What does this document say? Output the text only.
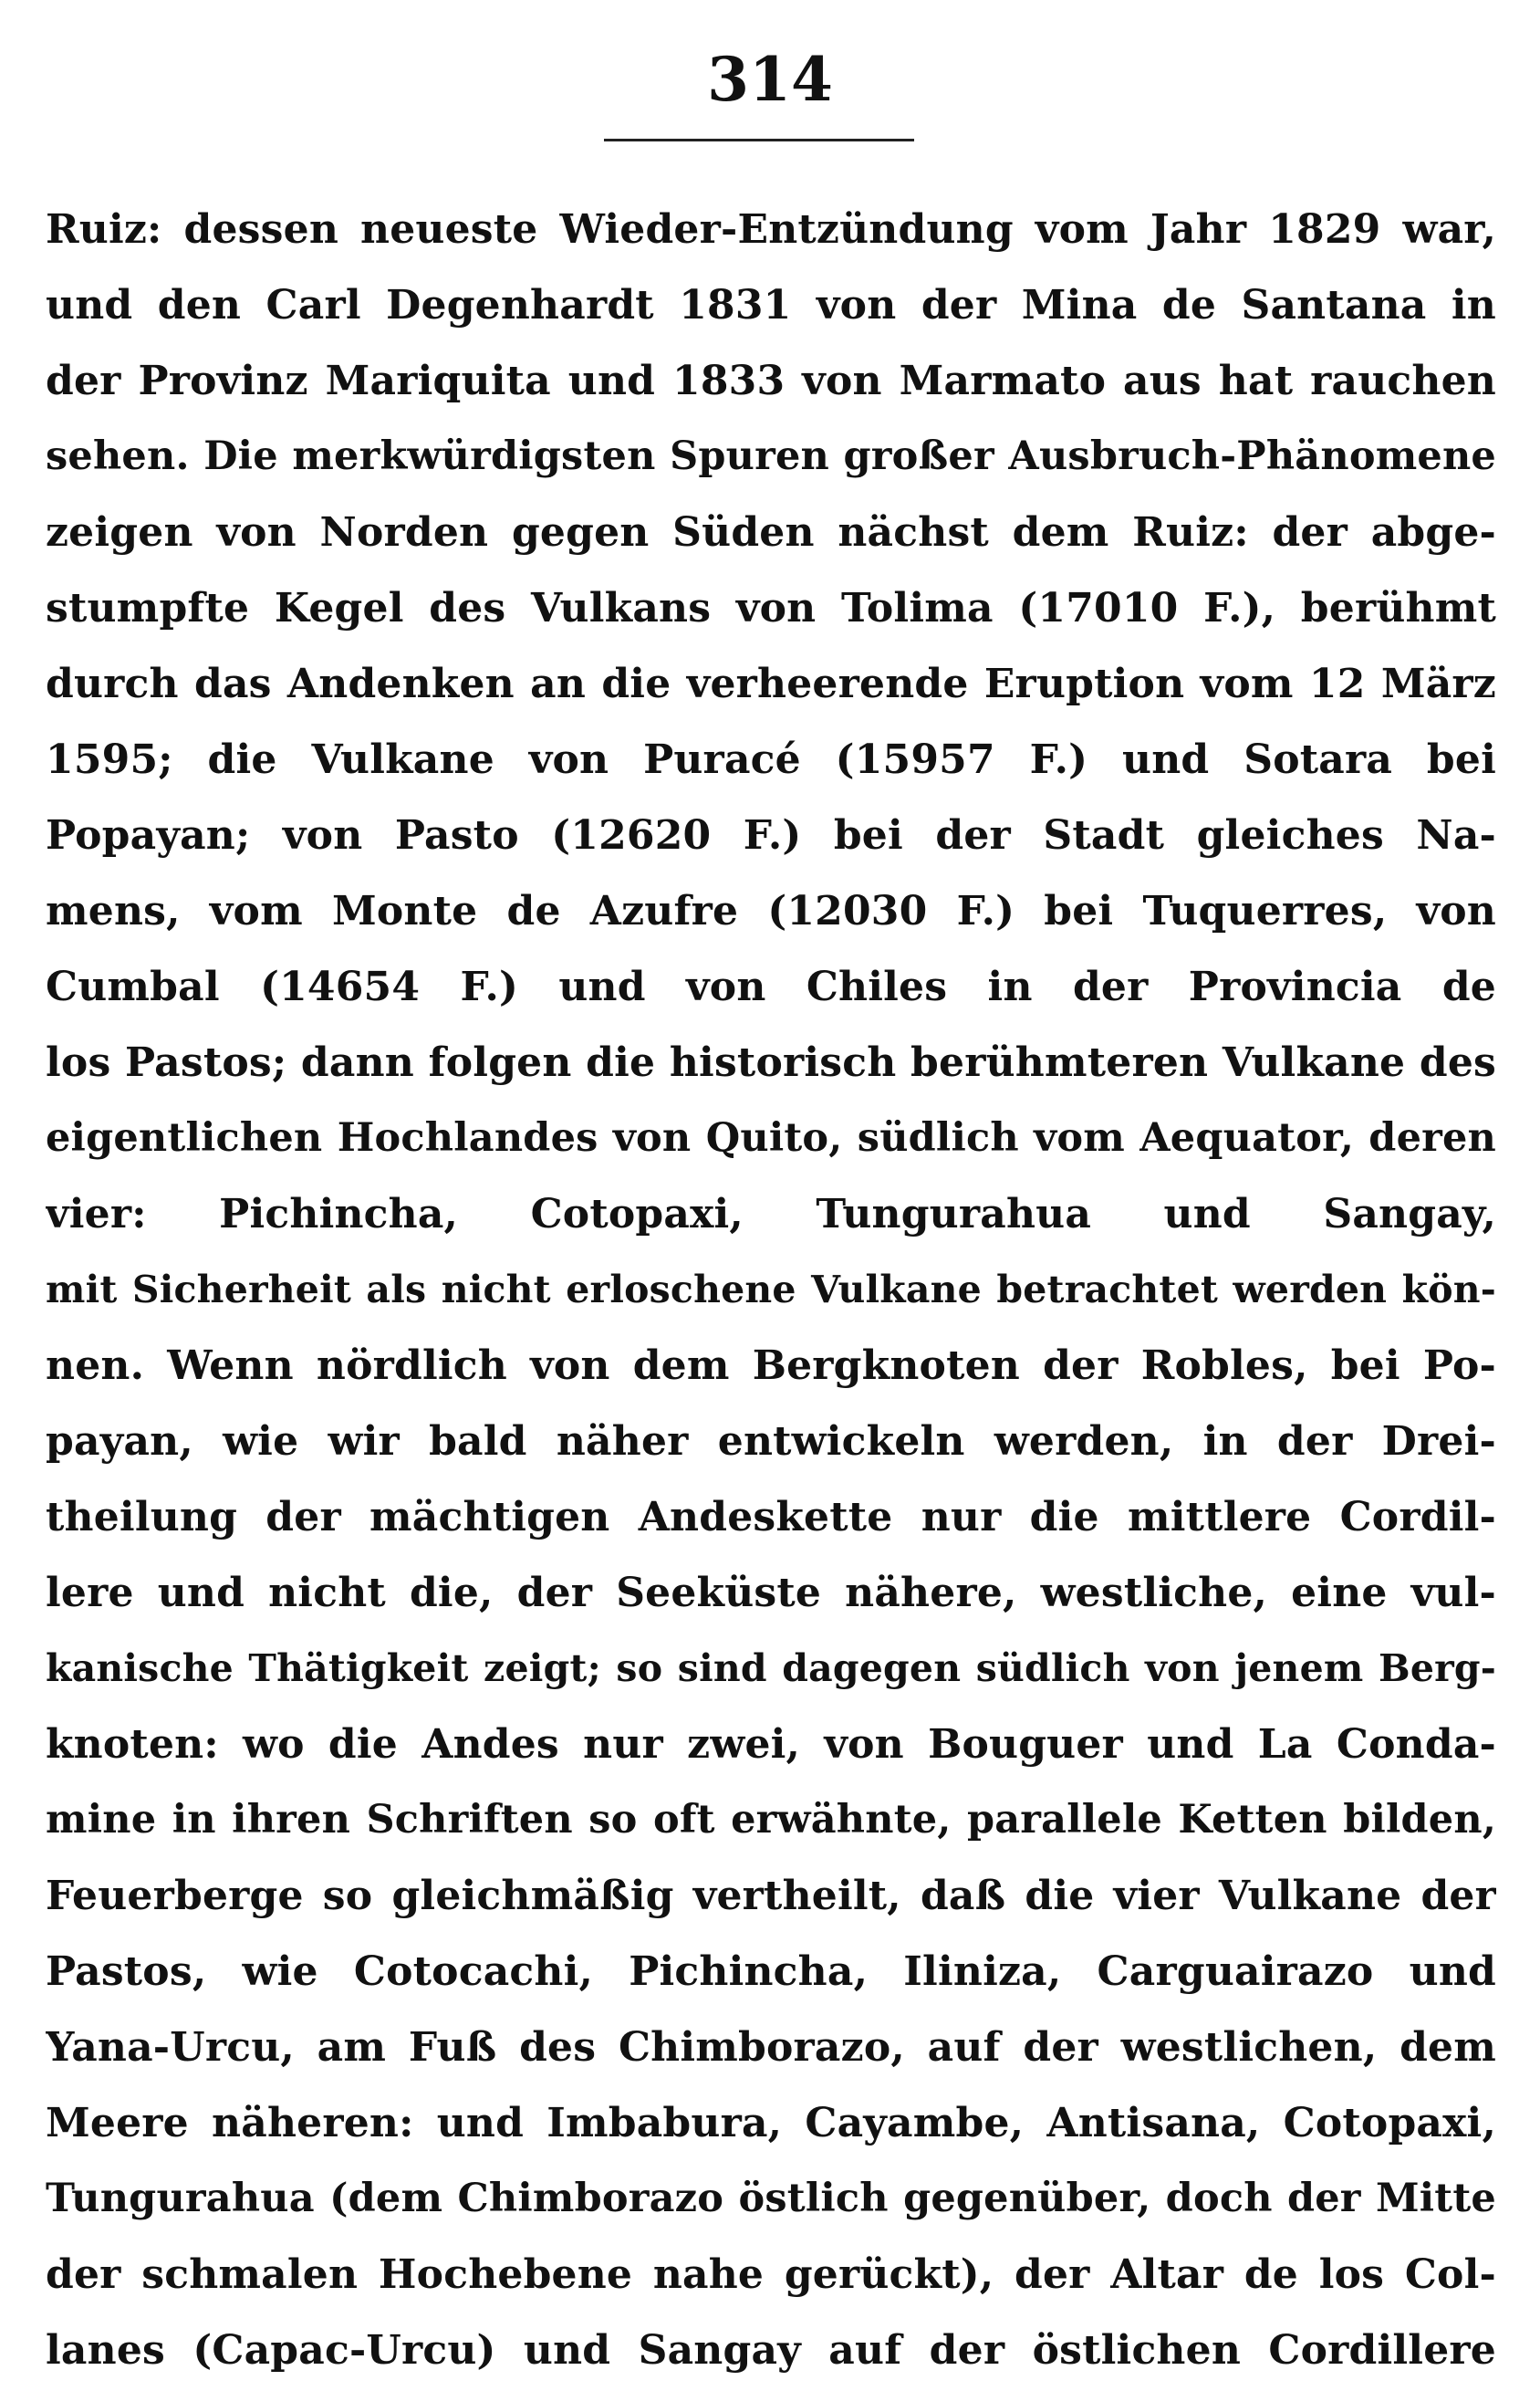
314
Ruiz: dessen neueste Wieder-Entzündung vom Jahr 1829 war,
und den Carl Degenhardt 1831 von der Mina de Santana in
der Provinz Mariquita und 1833 von Marmato aus hat rauchen
sehen. Die merkwürdigsten Spuren großer Ausbruch-Phänomene
zeigen von Norden gegen Süden nächst dem Ruiz: der abge-
stumpfte Kegel des Vulkans von Tolima (17010 F.), berühmt
durch das Andenken an die verheerende Eruption vom 12 März
1595; die Vulkane von Puracé (15957 F.) und Sotara bei
Popayan; von Pasto (12620 F.) bei der Stadt gleiches Na-
mens, vom Monte de Azufre (12030 F.) bei Tuquerres, von
Cumbal (14654 F.) und von Chiles in der Provincia de
los Pastos; dann folgen die historisch berühmteren Vulkane des
eigentlichen Hochlandes von Quito, südlich vom Aequator, deren
vier: Pichincha, Cotopaxi, Tungurahua und Sangay,
mit Sicherheit als nicht erloschene Vulkane betrachtet werden kön-
nen. Wenn nördlich von dem Bergknoten der Robles, bei Po-
payan, wie wir bald näher entwickeln werden, in der Drei-
theilung der mächtigen Andeskette nur die mittlere Cordil-
lere und nicht die, der Seeküste nähere, westliche, eine vul-
kanische Thätigkeit zeigt; so sind dagegen südlich von jenem Berg-
knoten: wo die Andes nur zwei, von Bouguer und La Conda-
mine in ihren Schriften so oft erwähnte, parallele Ketten bilden,
Feuerberge so gleichmäßig vertheilt, daß die vier Vulkane der
Pastos, wie Cotocachi, Pichincha, Iliniza, Carguairazo und
Yana-Urcu, am Fuß des Chimborazo, auf der westlichen, dem
Meere näheren: und Imbabura, Cayambe, Antisana, Cotopaxi,
Tungurahua (dem Chimborazo östlich gegenüber, doch der Mitte
der schmalen Hochebene nahe gerückt), der Altar de los Col-
lanes (Capac-Urcu) und Sangay auf der östlichen Cordillere
